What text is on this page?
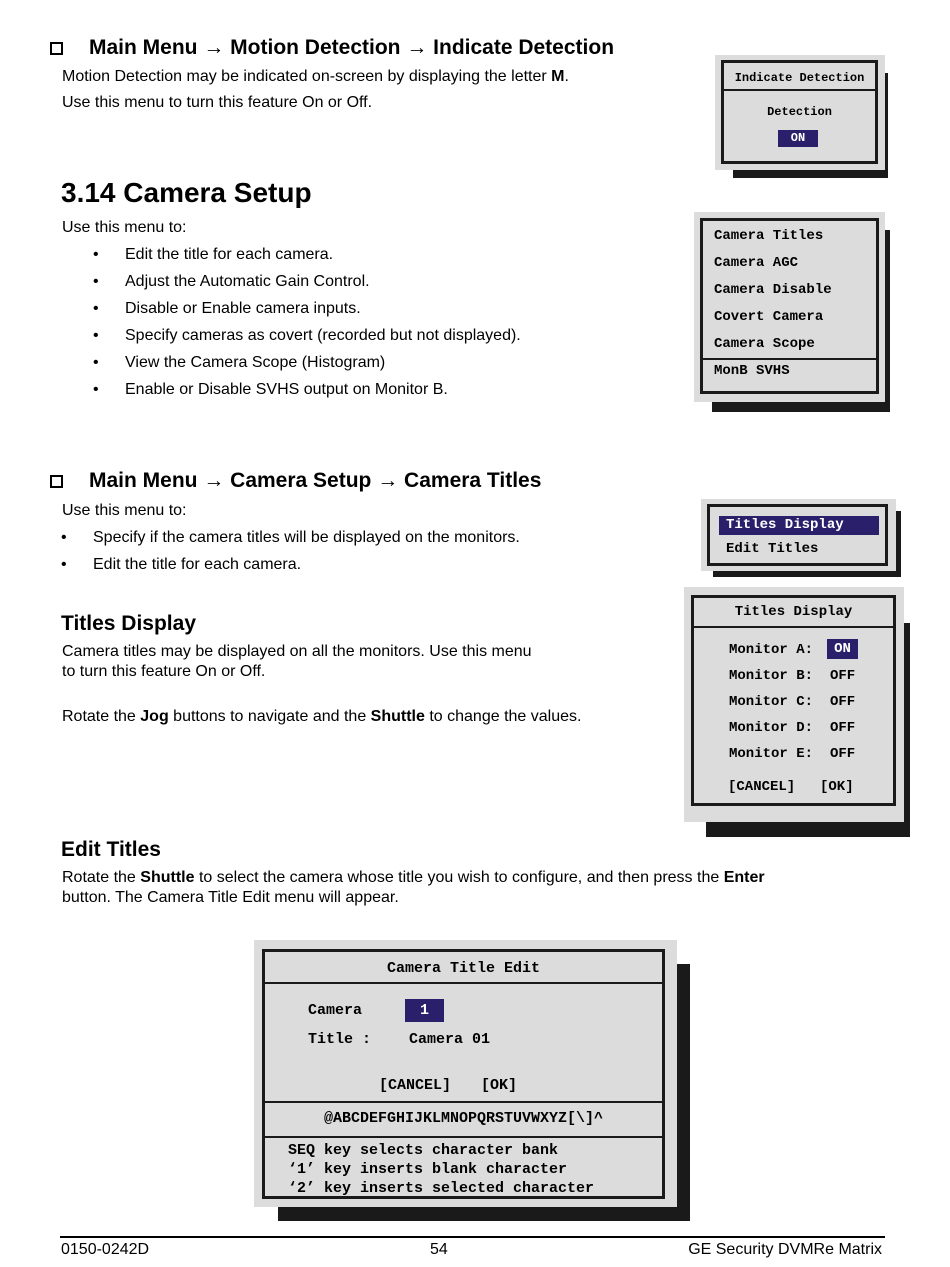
Main Menu → Motion Detection → Indicate Detection
Motion Detection may be indicated on-screen by displaying the letter M.
Use this menu to turn this feature On or Off.
Indicate Detection
Detection
ON
3.14 Camera Setup
Use this menu to:
• Edit the title for each camera.
• Adjust the Automatic Gain Control.
• Disable or Enable camera inputs.
• Specify cameras as covert (recorded but not displayed).
• View the Camera Scope (Histogram)
• Enable or Disable SVHS output on Monitor B.
Camera Titles
Camera AGC
Camera Disable
Covert Camera
Camera Scope
MonB SVHS
Main Menu → Camera Setup → Camera Titles
Use this menu to:
• Specify if the camera titles will be displayed on the monitors.
• Edit the title for each camera.
Titles Display
Edit Titles
Titles Display
Camera titles may be displayed on all the monitors. Use this menu
to turn this feature On or Off.
Rotate the Jog buttons to navigate and the Shuttle to change the values.
Titles Display
Monitor A:	ON
Monitor B: OFF
Monitor C: OFF
Monitor D: OFF
Monitor E: OFF
[CANCEL] [OK]
Edit Titles
Rotate the Shuttle to select the camera whose title you wish to configure, and then press the Enter
button. The Camera Title Edit menu will appear.
Camera Title Edit
Camera	1
Title :	Camera 01
[CANCEL] [OK]
@ABCDEFGHIJKLMNOPQRSTUVWXYZ[\]^
SEQ key selects character bank
‘1’ key inserts blank character
‘2’ key inserts selected character
0150-0242D	54	GE Security DVMRe Matrix
